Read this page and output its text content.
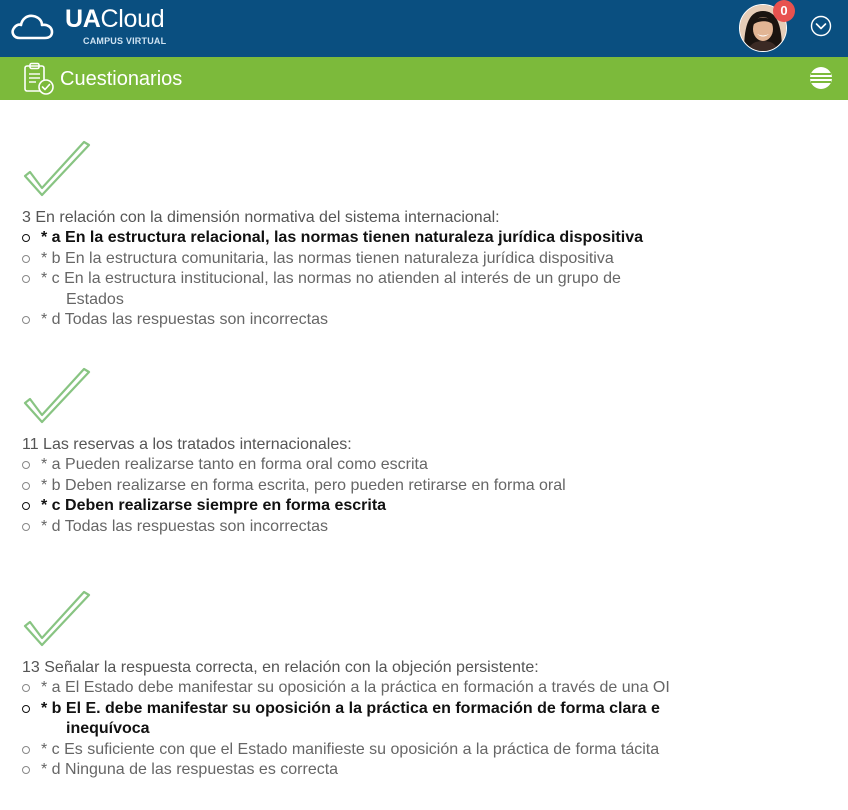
UACloud
CAMPUS VIRTUAL
0
Cuestionarios
3 En relación con la dimensión normativa del sistema internacional:
* a En la estructura relacional, las normas tienen naturaleza jurídica dispositiva
* b En la estructura comunitaria, las normas tienen naturaleza jurídica dispositiva
* c En la estructura institucional, las normas no atienden al interés de un grupo de
Estados
* d Todas las respuestas son incorrectas
11 Las reservas a los tratados internacionales:
* a Pueden realizarse tanto en forma oral como escrita
* b Deben realizarse en forma escrita, pero pueden retirarse en forma oral
* c Deben realizarse siempre en forma escrita
* d Todas las respuestas son incorrectas
13 Señalar la respuesta correcta, en relación con la objeción persistente:
* a El Estado debe manifestar su oposición a la práctica en formación a través de una OI
* b El E. debe manifestar su oposición a la práctica en formación de forma clara e
inequívoca
* c Es suficiente con que el Estado manifieste su oposición a la práctica de forma tácita
* d Ninguna de las respuestas es correcta
